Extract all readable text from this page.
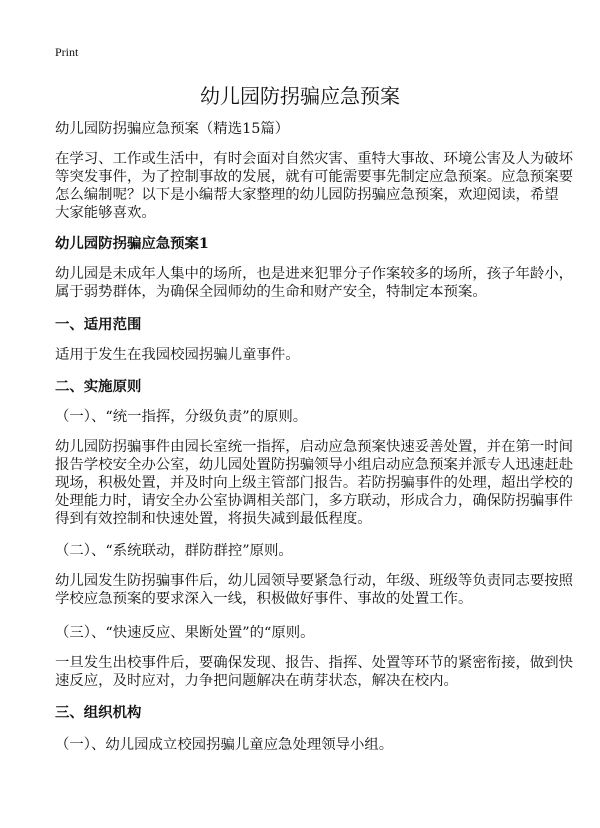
Print
幼儿园防拐骗应急预案
幼儿园防拐骗应急预案（精选15篇）
在学习、工作或生活中，有时会面对自然灾害、重特大事故、环境公害及人为破坏
等突发事件，为了控制事故的发展，就有可能需要事先制定应急预案。应急预案要
怎么编制呢？以下是小编帮大家整理的幼儿园防拐骗应急预案，欢迎阅读，希望
大家能够喜欢。
幼儿园防拐骗应急预案1
幼儿园是未成年人集中的场所，也是进来犯罪分子作案较多的场所，孩子年龄小，
属于弱势群体，为确保全园师幼的生命和财产安全，特制定本预案。
一、适用范围
适用于发生在我园校园拐骗儿童事件。
二、实施原则
（一）、“统一指挥，分级负责”的原则。
幼儿园防拐骗事件由园长室统一指挥，启动应急预案快速妥善处置，并在第一时间
报告学校安全办公室，幼儿园处置防拐骗领导小组启动应急预案并派专人迅速赶赴
现场，积极处置，并及时向上级主管部门报告。若防拐骗事件的处理，超出学校的
处理能力时，请安全办公室协调相关部门，多方联动，形成合力，确保防拐骗事件
得到有效控制和快速处置，将损失减到最低程度。
（二）、“系统联动，群防群控”原则。
幼儿园发生防拐骗事件后，幼儿园领导要紧急行动，年级、班级等负责同志要按照
学校应急预案的要求深入一线，积极做好事件、事故的处置工作。
（三）、“快速反应、果断处置”的“原则。
一旦发生出校事件后，要确保发现、报告、指挥、处置等环节的紧密衔接，做到快
速反应，及时应对，力争把问题解决在萌芽状态，解决在校内。
三、组织机构
（一）、幼儿园成立校园拐骗儿童应急处理领导小组。
